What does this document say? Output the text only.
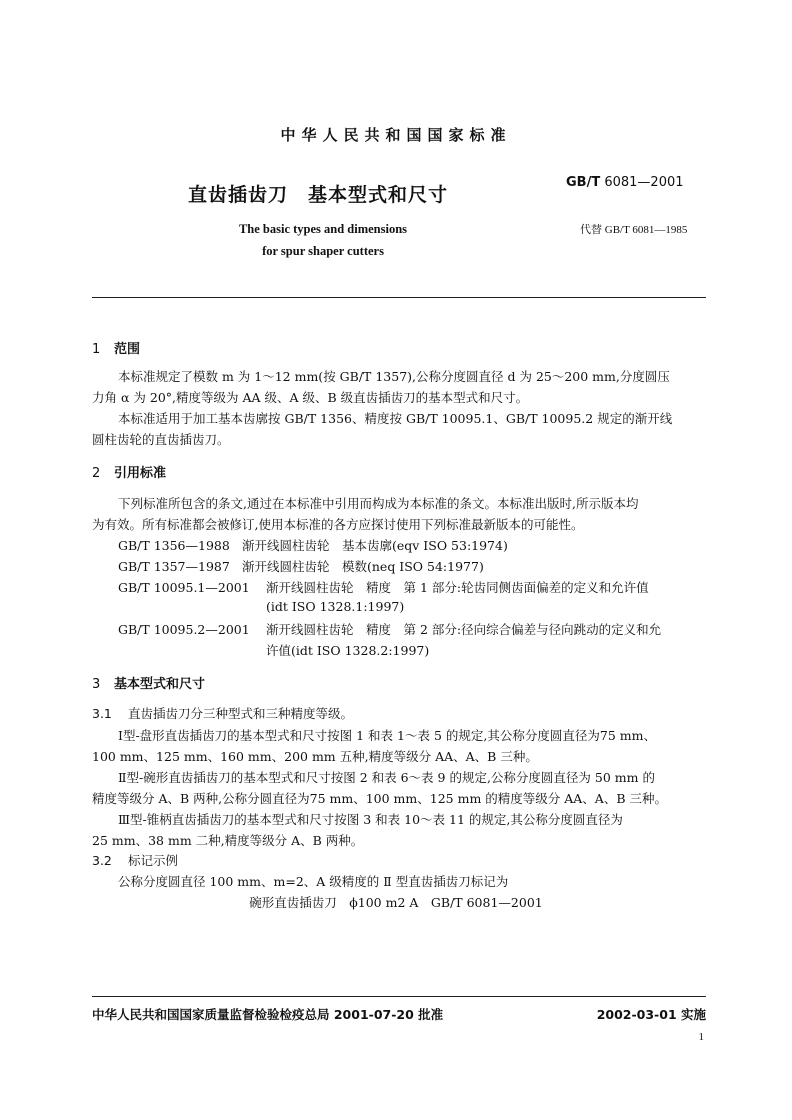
中华人民共和国国家标准
直齿插齿刀　基本型式和尺寸
GB/T 6081—2001
代替 GB/T 6081—1985
The basic types and dimensions
for spur shaper cutters
1 范围
本标准规定了模数 m 为 1～12 mm(按 GB/T 1357),公称分度圆直径 d 为 25～200 mm,分度圆压
力角 α 为 20°,精度等级为 AA 级、A 级、B 级直齿插齿刀的基本型式和尺寸。
本标准适用于加工基本齿廓按 GB/T 1356、精度按 GB/T 10095.1、GB/T 10095.2 规定的渐开线
圆柱齿轮的直齿插齿刀。
2 引用标准
下列标准所包含的条文,通过在本标准中引用而构成为本标准的条文。本标准出版时,所示版本均
为有效。所有标准都会被修订,使用本标准的各方应探讨使用下列标准最新版本的可能性。
GB/T 1356—1988 渐开线圆柱齿轮　基本齿廓(eqv ISO 53:1974)
GB/T 1357—1987 渐开线圆柱齿轮　模数(neq ISO 54:1977)
GB/T 10095.1—2001 渐开线圆柱齿轮　精度　第 1 部分:轮齿同侧齿面偏差的定义和允许值
(idt ISO 1328.1:1997)
GB/T 10095.2—2001 渐开线圆柱齿轮　精度　第 2 部分:径向综合偏差与径向跳动的定义和允
许值(idt ISO 1328.2:1997)
3 基本型式和尺寸
3.1 直齿插齿刀分三种型式和三种精度等级。
Ⅰ型-盘形直齿插齿刀的基本型式和尺寸按图 1 和表 1～表 5 的规定,其公称分度圆直径为75 mm、
100 mm、125 mm、160 mm、200 mm 五种,精度等级分 AA、A、B 三种。
Ⅱ型-碗形直齿插齿刀的基本型式和尺寸按图 2 和表 6～表 9 的规定,公称分度圆直径为 50 mm 的
精度等级分 A、B 两种,公称分圆直径为75 mm、100 mm、125 mm 的精度等级分 AA、A、B 三种。
Ⅲ型-锥柄直齿插齿刀的基本型式和尺寸按图 3 和表 10～表 11 的规定,其公称分度圆直径为
25 mm、38 mm 二种,精度等级分 A、B 两种。
3.2 标记示例
公称分度圆直径 100 mm、m=2、A 级精度的 Ⅱ 型直齿插齿刀标记为
碗形直齿插齿刀　ϕ100 m2 A　GB/T 6081—2001
中华人民共和国国家质量监督检验检疫总局 2001-07-20 批准	2002-03-01 实施
1
